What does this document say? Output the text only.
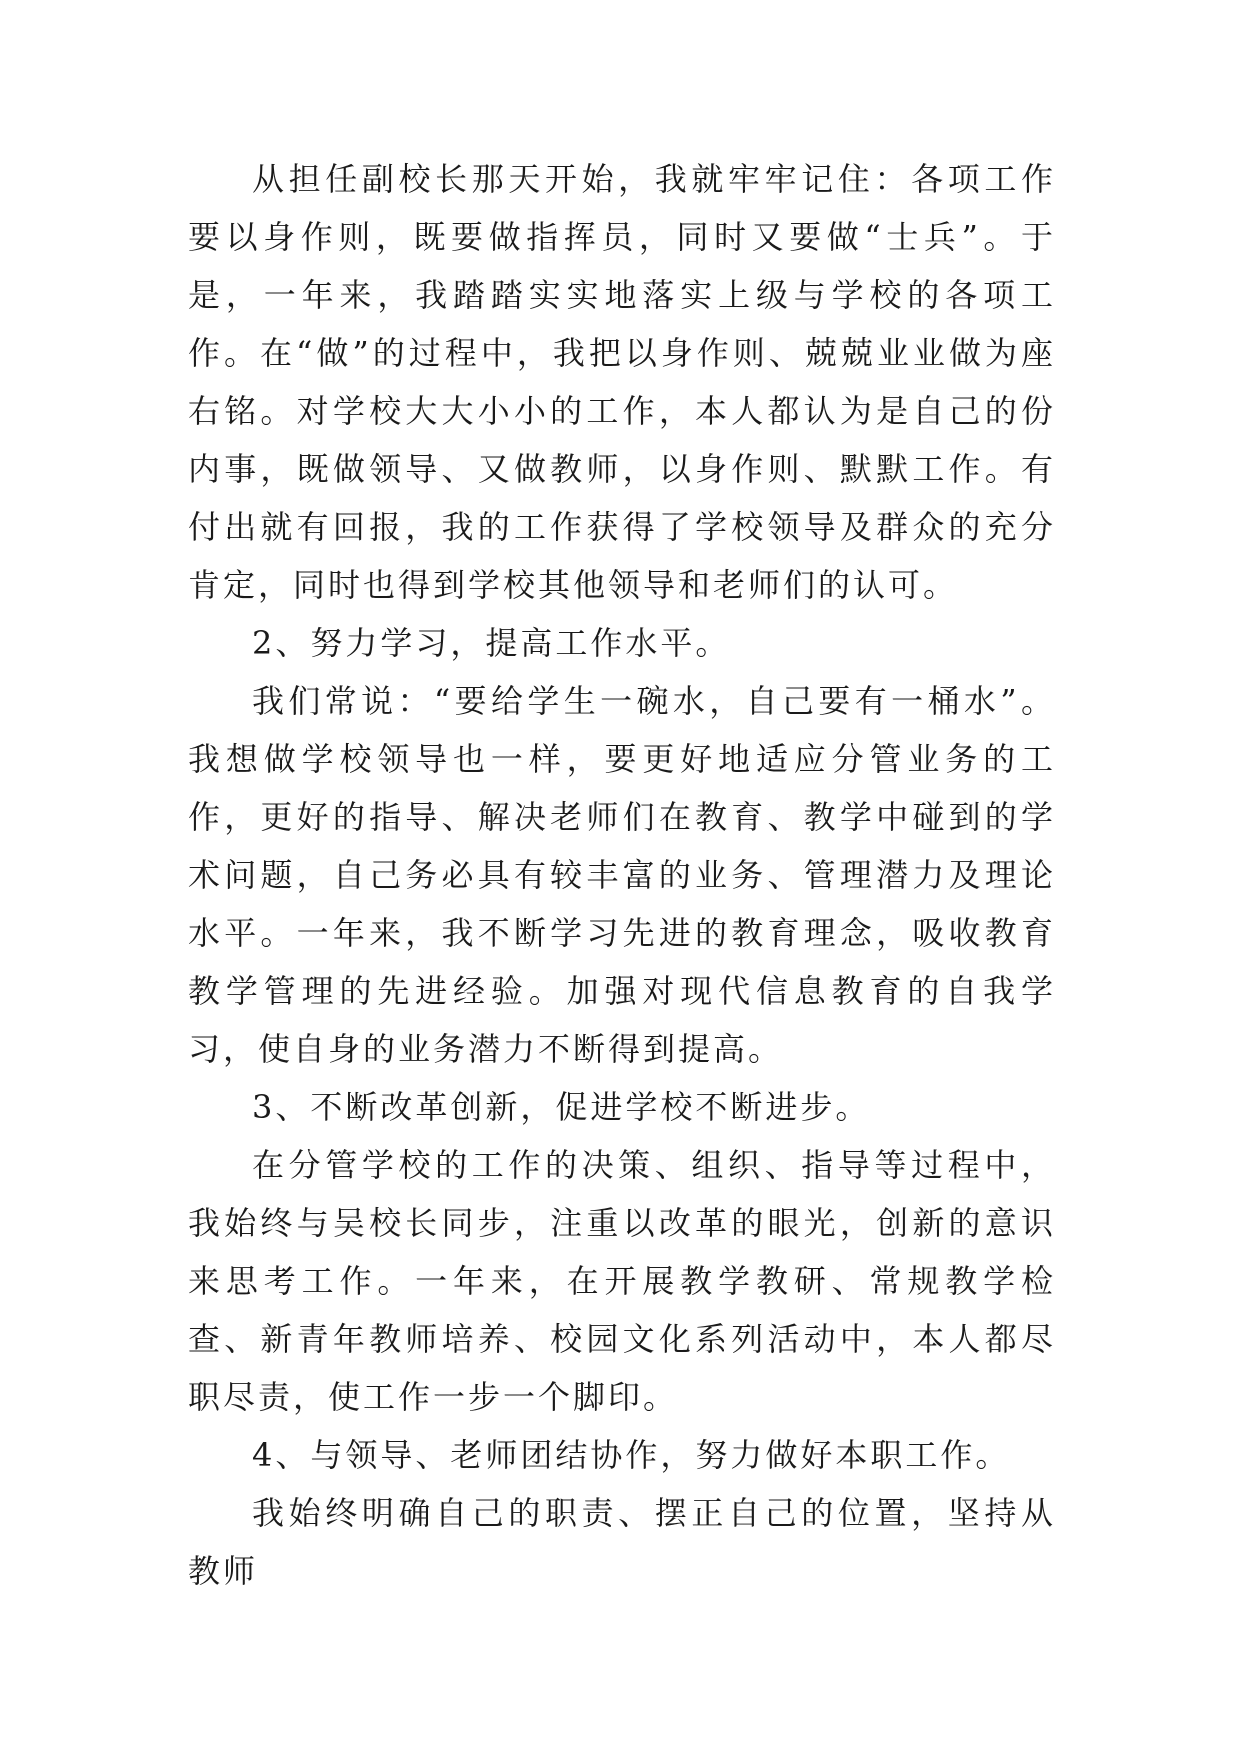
从担任副校长那天开始，我就牢牢记住：各项工作要以身作则，既要做指挥员，同时又要做“士兵”。于是，一年来，我踏踏实实地落实上级与学校的各项工作。在“做”的过程中，我把以身作则、兢兢业业做为座右铭。对学校大大小小的工作，本人都认为是自己的份内事，既做领导、又做教师，以身作则、默默工作。有付出就有回报，我的工作获得了学校领导及群众的充分肯定，同时也得到学校其他领导和老师们的认可。

2、努力学习，提高工作水平。

我们常说：“要给学生一碗水，自己要有一桶水”。我想做学校领导也一样，要更好地适应分管业务的工作，更好的指导、解决老师们在教育、教学中碰到的学术问题，自己务必具有较丰富的业务、管理潜力及理论水平。一年来，我不断学习先进的教育理念，吸收教育教学管理的先进经验。加强对现代信息教育的自我学习，使自身的业务潜力不断得到提高。

3、不断改革创新，促进学校不断进步。

在分管学校的工作的决策、组织、指导等过程中，我始终与吴校长同步，注重以改革的眼光，创新的意识来思考工作。一年来，在开展教学教研、常规教学检查、新青年教师培养、校园文化系列活动中，本人都尽职尽责，使工作一步一个脚印。

4、与领导、老师团结协作，努力做好本职工作。

我始终明确自己的职责、摆正自己的位置，坚持从教师
